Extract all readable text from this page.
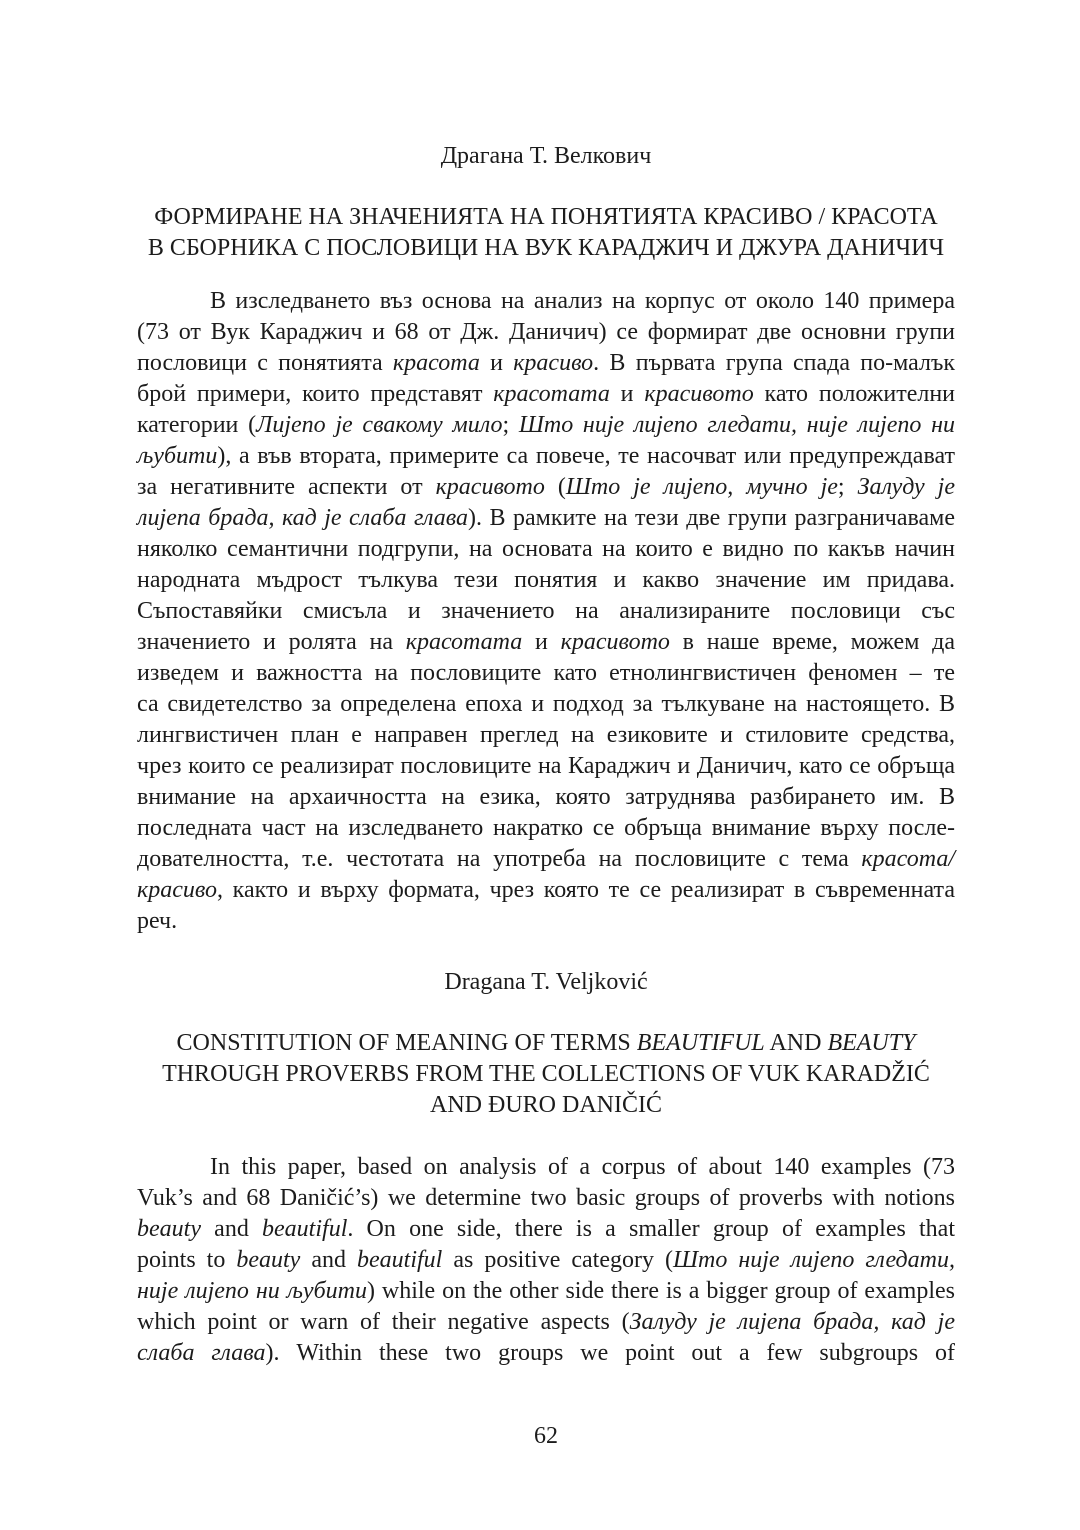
Драгана Т. Велкович
ФОРМИРАНЕ НА ЗНАЧЕНИЯТА НА ПОНЯТИЯТА КРАСИВО / КРАСОТА
В СБОРНИКА С ПОСЛОВИЦИ НА ВУК КАРАДЖИЧ И ДЖУРА ДАНИЧИЧ
В изследването въз основа на анализ на корпус от около 140 примера
(73 от Вук Караджич и 68 от Дж. Даничич) се формират две основни групи
пословици с понятията красота и красиво. В първата група спада по-малък
брой примери, които представят красотата и красивото като положителни
категории (Лијепо је свакому мило; Што није лијепо гледати, није лијепо ни
љубити), а във втората, примерите са повече, те насочват или предупреждават
за негативните аспекти от красивото (Што је лијепо, мучно је; Залуду је
лијепа брада, кад је слаба глава). В рамките на тези две групи разграничаваме
няколко семантични подгрупи, на основата на които е видно по какъв начин
народната мъдрост тълкува тези понятия и какво значение им придава.
Съпоставяйки смисъла и значението на анализираните пословици със
значението и ролята на красотата и красивото в наше време, можем да
изведем и важността на пословиците като етнолингвистичен феномен – те
са свидетелство за определена епоха и подход за тълкуване на настоящето. В
лингвистичен план е направен преглед на езиковите и стиловите средства,
чрез които се реализират пословиците на Караджич и Даничич, като се обръща
внимание на архаичността на езика, която затруднява разбирането им. В
последната част на изследването накратко се обръща внимание върху после-
дователността, т.е. честотата на употреба на пословиците с тема красота/
красиво, както и върху формата, чрез която те се реализират в съвременната
реч.
Dragana T. Veljković
CONSTITUTION OF MEANING OF TERMS BEAUTIFUL AND BEAUTY
THROUGH PROVERBS FROM THE COLLECTIONS OF VUK KARADŽIĆ
AND ĐURO DANIČIĆ
In this paper, based on analysis of a corpus of about 140 examples (73
Vuk’s and 68 Daničić’s) we determine two basic groups of proverbs with notions
beauty and beautiful. On one side, there is a smaller group of examples that
points to beauty and beautiful as positive category (Што није лијепо гледати,
није лијепо ни љубити) while on the other side there is a bigger group of examples
which point or warn of their negative aspects (Залуду је лијепа брада, кад је
слаба глава). Within these two groups we point out a few subgroups of
62
